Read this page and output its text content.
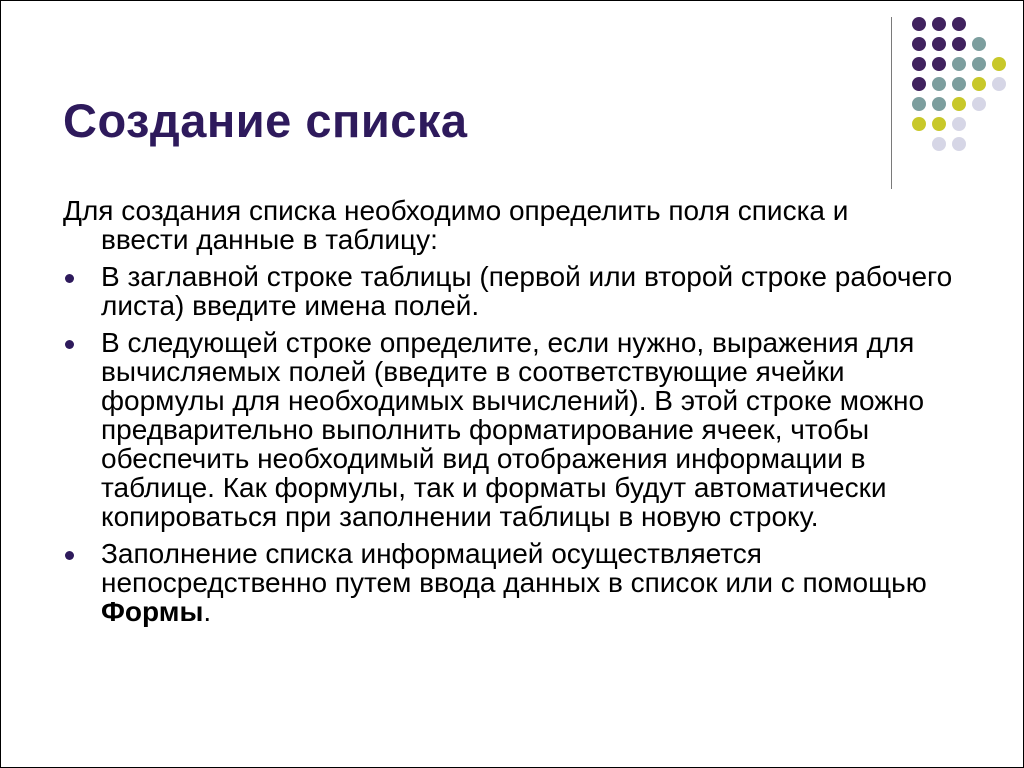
Создание списка

Для создания списка необходимо определить поля списка и
ввести данные в таблицу:

В заглавной строке таблицы (первой или второй строке рабочего листа) введите имена полей.
В следующей строке определите, если нужно, выражения для вычисляемых полей (введите в соответствующие ячейки формулы для необходимых вычислений). В этой строке можно предварительно выполнить форматирование ячеек, чтобы обеспечить необходимый вид отображения информации в таблице. Как формулы, так и форматы будут автоматически копироваться при заполнении таблицы в новую строку.
Заполнение списка информацией осуществляется непосредственно путем ввода данных в список или с помощью Формы.
